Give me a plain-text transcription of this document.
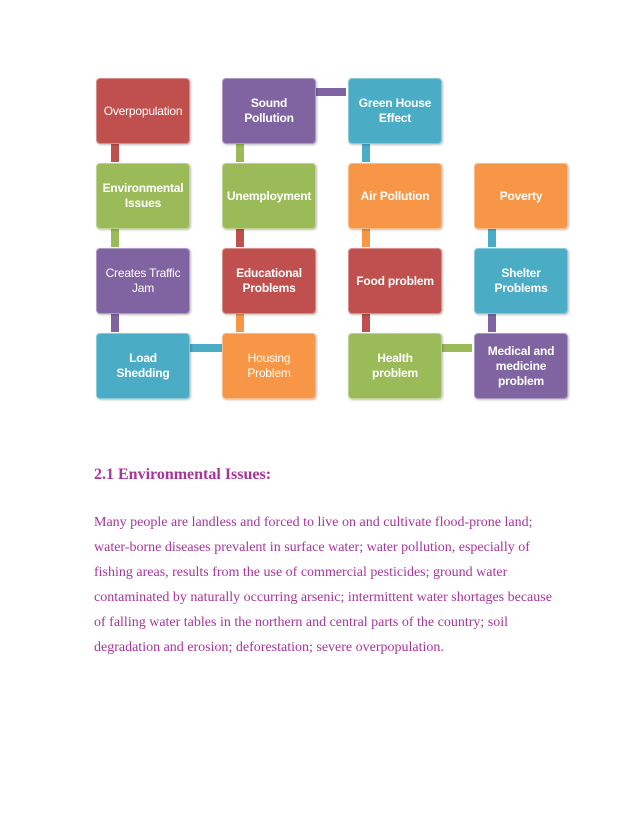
Overpopulation
Environmental Issues
Creates Traffic Jam
Load Shedding
Sound Pollution
Unemployment
Educational Problems
Housing Problem
Green House Effect
Air Pollution
Food problem
Health problem
Poverty
Shelter Problems
Medical and medicine problem
2.1 Environmental Issues:
Many people are landless and forced to live on and cultivate flood-prone land; water-borne diseases prevalent in surface water; water pollution, especially of fishing areas, results from the use of commercial pesticides; ground water contaminated by naturally occurring arsenic; intermittent water shortages because of falling water tables in the northern and central parts of the country; soil degradation and erosion; deforestation; severe overpopulation.
